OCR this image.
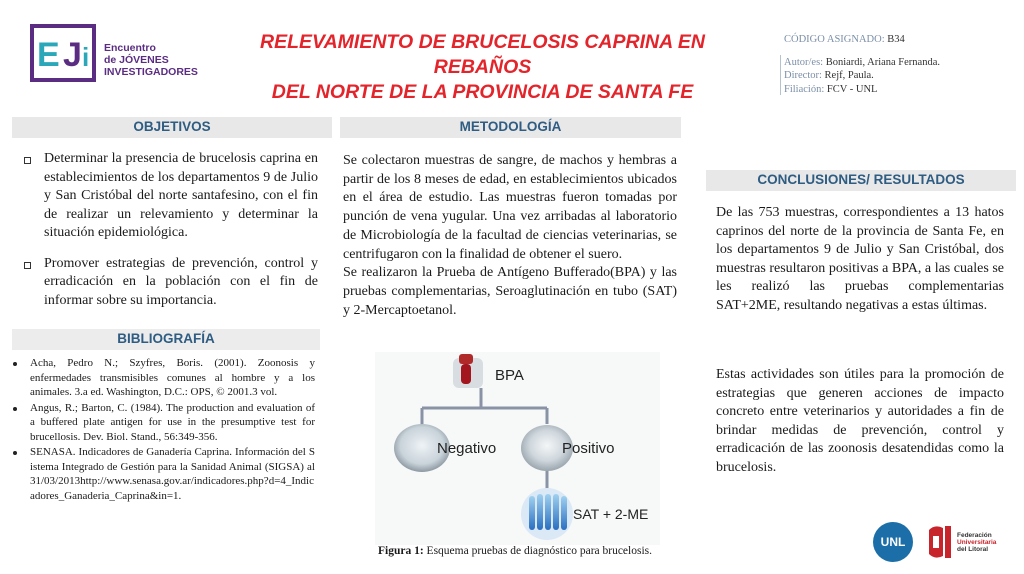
E J i Encuentro
de JÓVENES
INVESTIGADORES
RELEVAMIENTO DE BRUCELOSIS CAPRINA EN REBAÑOS
DEL NORTE DE LA PROVINCIA DE SANTA FE
CÓDIGO ASIGNADO: B34
Autor/es: Boniardi, Ariana Fernanda.
Director: Rejf, Paula.
Filiación: FCV - UNL
OBJETIVOS
Determinar la presencia de brucelosis caprina en establecimientos de los departamentos 9 de Julio y San Cristóbal del norte santafesino, con el fin de realizar un relevamiento y determinar la situación epidemiológica.
Promover estrategias de prevención, control y erradicación en la población con el fin de informar sobre su importancia.
BIBLIOGRAFÍA
Acha, Pedro N.; Szyfres, Boris. (2001). Zoonosis y enfermedades transmisibles comunes al hombre y a los animales. 3.a ed. Washington, D.C.: OPS, © 2001.3 vol.
Angus, R.; Barton, C. (1984). The production and evaluation of a buffered plate antigen for use in the presumptive test for brucellosis. Dev. Biol. Stand., 56:349-356.
SENASA. Indicadores de Ganadería Caprina. Información del Sistema Integrado de Gestión para la Sanidad Animal (SIGSA) al 31/03/2013http://www.senasa.gov.ar/indicadores.php?d=4_Indicadores_Ganaderia_Caprina&in=1.
METODOLOGÍA
Se colectaron muestras de sangre, de machos y hembras a partir de los 8 meses de edad, en establecimientos ubicados en el área de estudio. Las muestras fueron tomadas por punción de vena yugular. Una vez arribadas al laboratorio de Microbiología de la facultad de ciencias veterinarias, se centrifugaron con la finalidad de obtener el suero.
Se realizaron la Prueba de Antígeno Bufferado(BPA) y las pruebas complementarias, Seroaglutinación en tubo (SAT) y 2-Mercaptoetanol.
BPA
Negativo	Positivo
SAT + 2-ME
Figura 1: Esquema pruebas de diagnóstico para brucelosis.
CONCLUSIONES/ RESULTADOS
De las 753 muestras, correspondientes a 13 hatos caprinos del norte de la provincia de Santa Fe, en los departamentos 9 de Julio y San Cristóbal, dos muestras resultaron positivas a BPA, a las cuales se les realizó las pruebas complementarias SAT+2ME, resultando negativas a estas últimas.
Estas actividades son útiles para la promoción de estrategias que generen acciones de impacto concreto entre veterinarios y autoridades a fin de brindar medidas de prevención, control y erradicación de las zoonosis desatendidas como la brucelosis.
UNL	Federación
Universitaria
del Litoral
